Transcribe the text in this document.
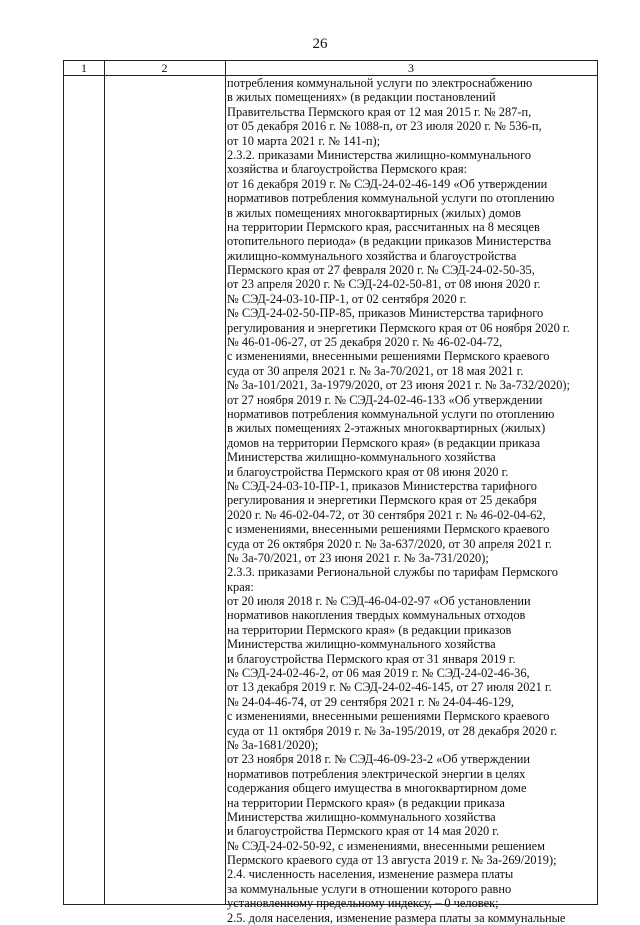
26
1	2	3
потребления коммунальной услуги по электроснабжению
в жилых помещениях» (в редакции постановлений
Правительства Пермского края от 12 мая 2015 г. № 287-п,
от 05 декабря 2016 г. № 1088-п, от 23 июля 2020 г. № 536-п,
от 10 марта 2021 г. № 141-п);
2.3.2. приказами Министерства жилищно-коммунального
хозяйства и благоустройства Пермского края:
от 16 декабря 2019 г. № СЭД-24-02-46-149 «Об утверждении
нормативов потребления коммунальной услуги по отоплению
в жилых помещениях многоквартирных (жилых) домов
на территории Пермского края, рассчитанных на 8 месяцев
отопительного периода» (в редакции приказов Министерства
жилищно-коммунального хозяйства и благоустройства
Пермского края от 27 февраля 2020 г. № СЭД-24-02-50-35,
от 23 апреля 2020 г. № СЭД-24-02-50-81, от 08 июня 2020 г.
№ СЭД-24-03-10-ПР-1, от 02 сентября 2020 г.
№ СЭД-24-02-50-ПР-85, приказов Министерства тарифного
регулирования и энергетики Пермского края от 06 ноября 2020 г.
№ 46-01-06-27, от 25 декабря 2020 г. № 46-02-04-72,
с изменениями, внесенными решениями Пермского краевого
суда от 30 апреля 2021 г. № 3а-70/2021, от 18 мая 2021 г.
№ 3а-101/2021, 3а-1979/2020, от 23 июня 2021 г. № 3а-732/2020);
от 27 ноября 2019 г. № СЭД-24-02-46-133 «Об утверждении
нормативов потребления коммунальной услуги по отоплению
в жилых помещениях 2-этажных многоквартирных (жилых)
домов на территории Пермского края» (в редакции приказа
Министерства жилищно-коммунального хозяйства
и благоустройства Пермского края от 08 июня 2020 г.
№ СЭД-24-03-10-ПР-1, приказов Министерства тарифного
регулирования и энергетики Пермского края от 25 декабря
2020 г. № 46-02-04-72, от 30 сентября 2021 г. № 46-02-04-62,
с изменениями, внесенными решениями Пермского краевого
суда от 26 октября 2020 г. № 3а-637/2020, от 30 апреля 2021 г.
№ 3а-70/2021, от 23 июня 2021 г. № 3а-731/2020);
2.3.3. приказами Региональной службы по тарифам Пермского
края:
от 20 июля 2018 г. № СЭД-46-04-02-97 «Об установлении
нормативов накопления твердых коммунальных отходов
на территории Пермского края» (в редакции приказов
Министерства жилищно-коммунального хозяйства
и благоустройства Пермского края от 31 января 2019 г.
№ СЭД-24-02-46-2, от 06 мая 2019 г. № СЭД-24-02-46-36,
от 13 декабря 2019 г. № СЭД-24-02-46-145, от 27 июля 2021 г.
№ 24-04-46-74, от 29 сентября 2021 г. № 24-04-46-129,
с изменениями, внесенными решениями Пермского краевого
суда от 11 октября 2019 г. № 3а-195/2019, от 28 декабря 2020 г.
№ 3а-1681/2020);
от 23 ноября 2018 г. № СЭД-46-09-23-2 «Об утверждении
нормативов потребления электрической энергии в целях
содержания общего имущества в многоквартирном доме
на территории Пермского края» (в редакции приказа
Министерства жилищно-коммунального хозяйства
и благоустройства Пермского края от 14 мая 2020 г.
№ СЭД-24-02-50-92, с изменениями, внесенными решением
Пермского краевого суда от 13 августа 2019 г. № 3а-269/2019);
2.4. численность населения, изменение размера платы
за коммунальные услуги в отношении которого равно
установленному предельному индексу, – 0 человек;
2.5. доля населения, изменение размера платы за коммунальные
